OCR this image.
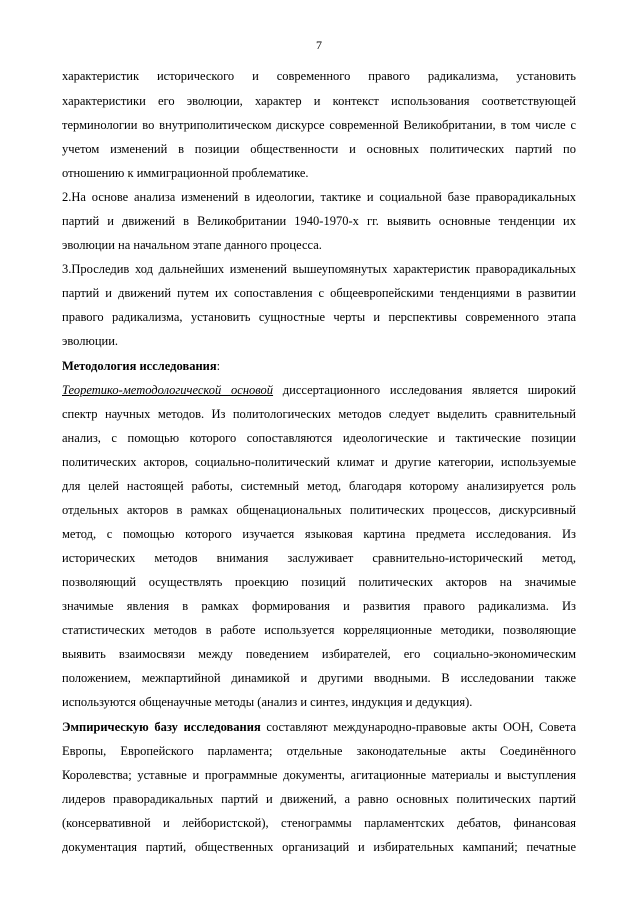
7
характеристик исторического и современного правого радикализма, установить
характеристики его эволюции, характер и контекст использования соответствующей
терминологии во внутриполитическом дискурсе современной Великобритании, в том числе с
учетом изменений в позиции общественности и основных политических партий по
отношению к иммиграционной проблематике.
2.На основе анализа изменений в идеологии, тактике и социальной базе праворадикальных
партий и движений в Великобритании 1940-1970-х гг. выявить основные тенденции их
эволюции на начальном этапе данного процесса.
3.Проследив ход дальнейших изменений вышеупомянутых характеристик праворадикальных
партий и движений путем их сопоставления с общеевропейскими тенденциями в развитии
правого радикализма, установить сущностные черты и перспективы современного этапа
эволюции.
Методология исследования:
Теоретико-методологической основой диссертационного исследования является широкий
спектр научных методов. Из политологических методов следует выделить сравнительный
анализ, с помощью которого сопоставляются идеологические и тактические позиции
политических акторов, социально-политический климат и другие категории, используемые
для целей настоящей работы, системный метод, благодаря которому анализируется роль
отдельных акторов в рамках общенациональных политических процессов, дискурсивный
метод, с помощью которого изучается языковая картина предмета исследования. Из
исторических методов внимания заслуживает сравнительно-исторический метод,
позволяющий осуществлять проекцию позиций политических акторов на значимые
значимые явления в рамках формирования и развития правого радикализма. Из
статистических методов в работе используется корреляционные методики, позволяющие
выявить взаимосвязи между поведением избирателей, его социально-экономическим
положением, межпартийной динамикой и другими вводными. В исследовании также
используются общенаучные методы (анализ и синтез, индукция и дедукция).
Эмпирическую базу исследования составляют международно-правовые акты ООН, Совета
Европы, Европейского парламента; отдельные законодательные акты Соединённого
Королевства; уставные и программные документы, агитационные материалы и выступления
лидеров праворадикальных партий и движений, а равно основных политических партий
(консервативной и лейбористской), стенограммы парламентских дебатов, финансовая
документация партий, общественных организаций и избирательных кампаний; печатные
